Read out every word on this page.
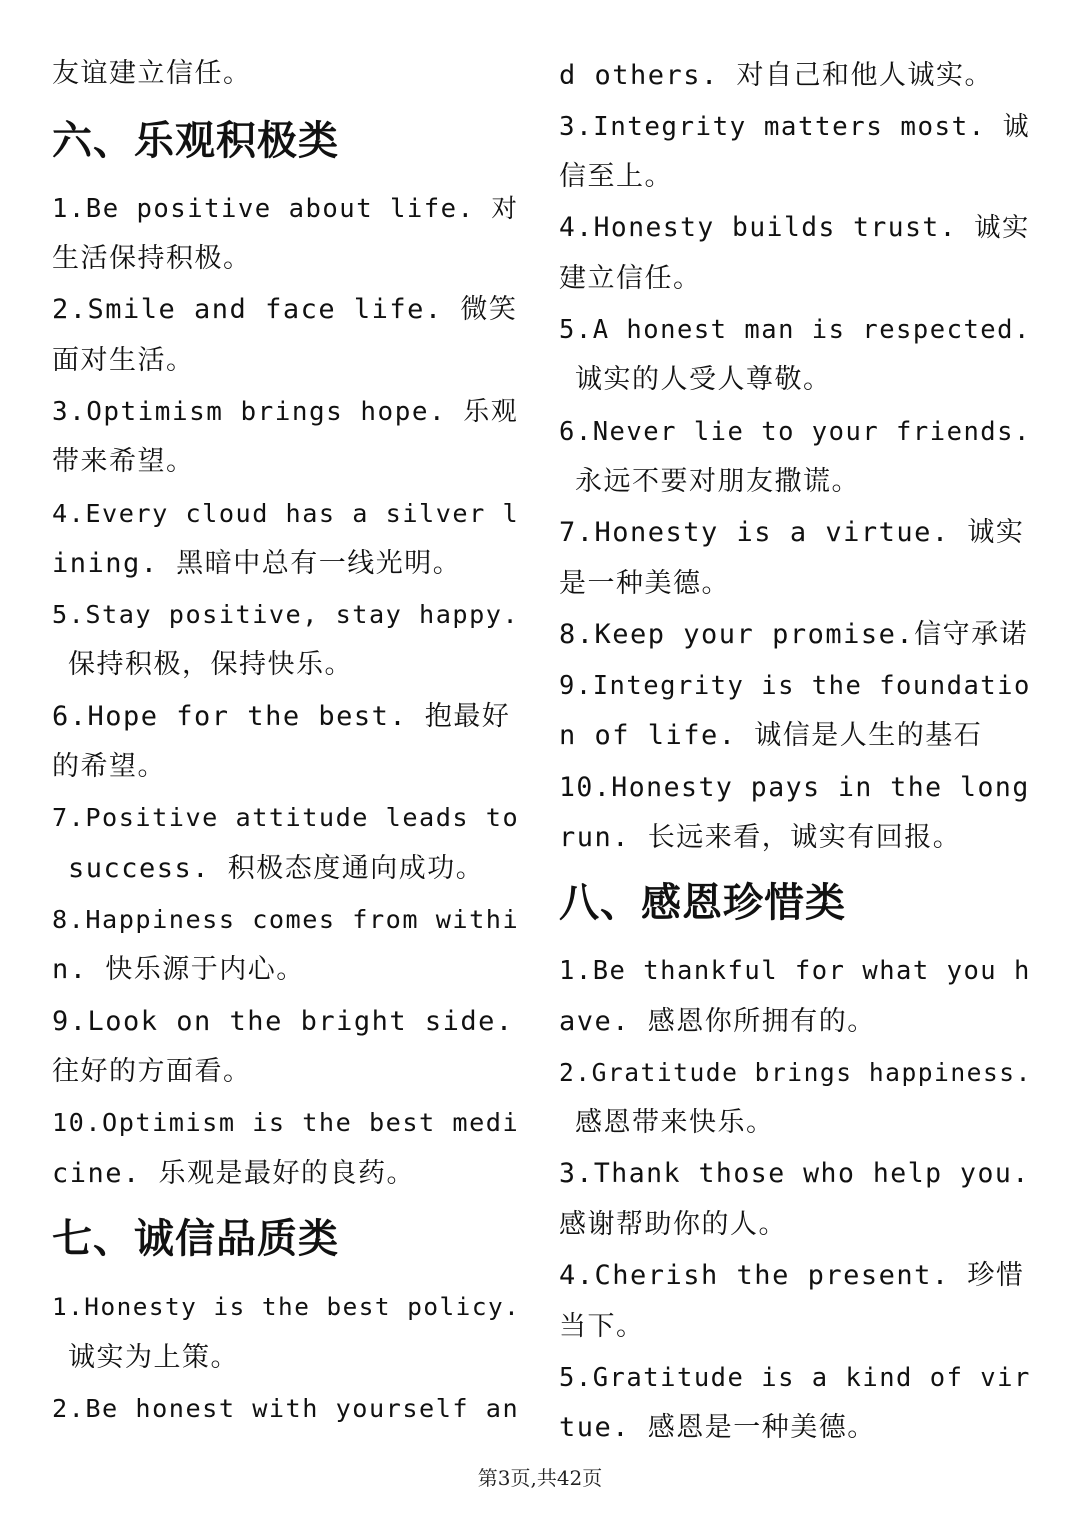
友谊建立信任。
六、乐观积极类
1.Be positive about life. 对
生活保持积极。
2.Smile and face life. 微笑
面对生活。
3.Optimism brings hope. 乐观
带来希望。
4.Every cloud has a silver l
ining. 黑暗中总有一线光明。
5.Stay positive, stay happy.
保持积极，保持快乐。
6.Hope for the best. 抱最好
的希望。
7.Positive attitude leads to
success. 积极态度通向成功。
8.Happiness comes from withi
n. 快乐源于内心。
9.Look on the bright side.
往好的方面看。
10.Optimism is the best medi
cine. 乐观是最好的良药。
七、诚信品质类
1.Honesty is the best policy.
诚实为上策。
2.Be honest with yourself an
d others. 对自己和他人诚实。
3.Integrity matters most. 诚
信至上。
4.Honesty builds trust. 诚实
建立信任。
5.A honest man is respected.
诚实的人受人尊敬。
6.Never lie to your friends.
永远不要对朋友撒谎。
7.Honesty is a virtue. 诚实
是一种美德。
8.Keep your promise.信守承诺
9.Integrity is the foundatio
n of life. 诚信是人生的基石
10.Honesty pays in the long
run. 长远来看，诚实有回报。
八、感恩珍惜类
1.Be thankful for what you h
ave. 感恩你所拥有的。
2.Gratitude brings happiness.
感恩带来快乐。
3.Thank those who help you.
感谢帮助你的人。
4.Cherish the present. 珍惜
当下。
5.Gratitude is a kind of vir
tue. 感恩是一种美德。
第3页,共42页
